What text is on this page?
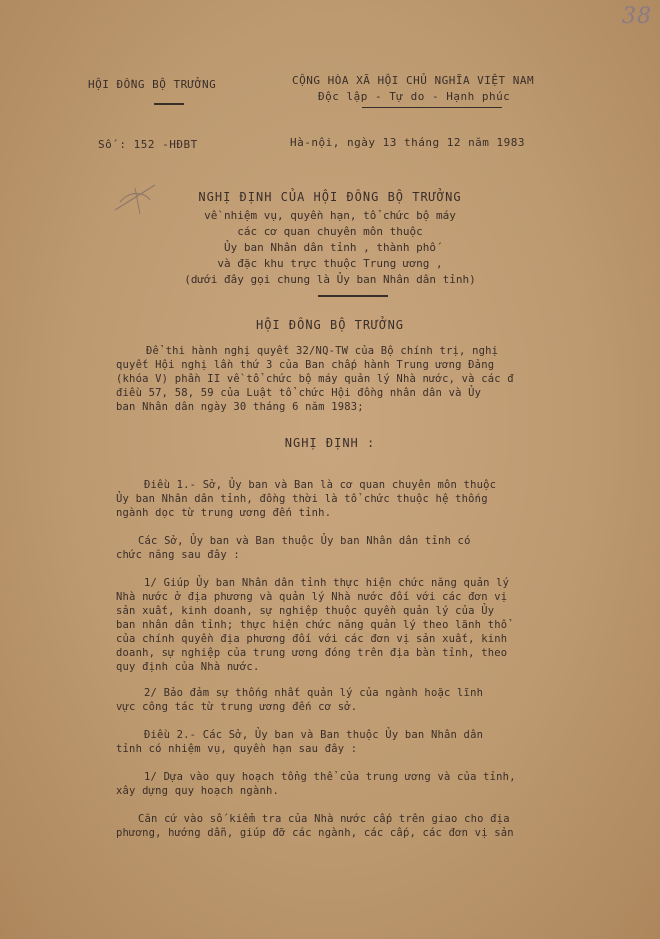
38
HỘI ĐỒNG BỘ TRƯỞNG	CỘNG HÒA XÃ HỘI CHỦ NGHĨA VIỆT NAM
Độc lập - Tự do - Hạnh phúc
Số : 152 -HĐBT	Hà-nội, ngày 13 tháng 12 năm 1983
NGHỊ ĐỊNH CỦA HỘI ĐỒNG BỘ TRƯỞNG
về nhiệm vụ, quyền hạn, tổ chức bộ máy
các cơ quan chuyên môn thuộc
Ủy ban Nhân dân tỉnh , thành phố
và đặc khu trực thuộc Trung ương ,
(dưới đây gọi chung là Ủy ban Nhân dân tỉnh)
HỘI ĐỒNG BỘ TRƯỞNG

Để thi hành nghị quyết 32/NQ-TW của Bộ chính trị, nghị

quyết Hội nghị lần thứ 3 của Ban chấp hành Trung ương Đảng

(khóa V) phần II về tổ chức bộ máy quản lý Nhà nước, và các đ

điều 57, 58, 59 của Luật tổ chức Hội đồng nhân dân và Ủy

ban Nhân dân ngày 30 tháng 6 năm 1983;

NGHỊ ĐỊNH :

Điều 1.- Sở, Ủy ban và Ban là cơ quan chuyên môn thuộc

Ủy ban Nhân dân tỉnh, đồng thời là tổ chức thuộc hệ thống

ngành dọc từ trung ương đến tỉnh.

Các Sở, Ủy ban và Ban thuộc Ủy ban Nhân dân tỉnh có

chức năng sau đây :

1/ Giúp Ủy ban Nhân dân tỉnh thực hiện chức năng quản lý

Nhà nước ở địa phương và quản lý Nhà nước đối với các đơn vị

sản xuất, kinh doanh, sự nghiệp thuộc quyền quản lý của Ủy

ban nhân dân tỉnh; thực hiện chức năng quản lý theo lãnh thổ

của chính quyền địa phương đối với các đơn vị sản xuất, kinh

doanh, sự nghiệp của trung ương đóng trên địa bàn tỉnh, theo

quy định của Nhà nước.

2/ Bảo đảm sự thống nhất quản lý của ngành hoặc lĩnh

vực công tác từ trung ương đến cơ sở.

Điều 2.- Các Sở, Ủy ban và Ban thuộc Ủy ban Nhân dân

tỉnh có nhiệm vụ, quyền hạn sau đây :

1/ Dựa vào quy hoạch tổng thể của trung ương và của tỉnh,

xây dựng quy hoạch ngành.

Căn cứ vào số kiểm tra của Nhà nước cấp trên giao cho địa

phương, hướng dẫn, giúp đỡ các ngành, các cấp, các đơn vị sản
